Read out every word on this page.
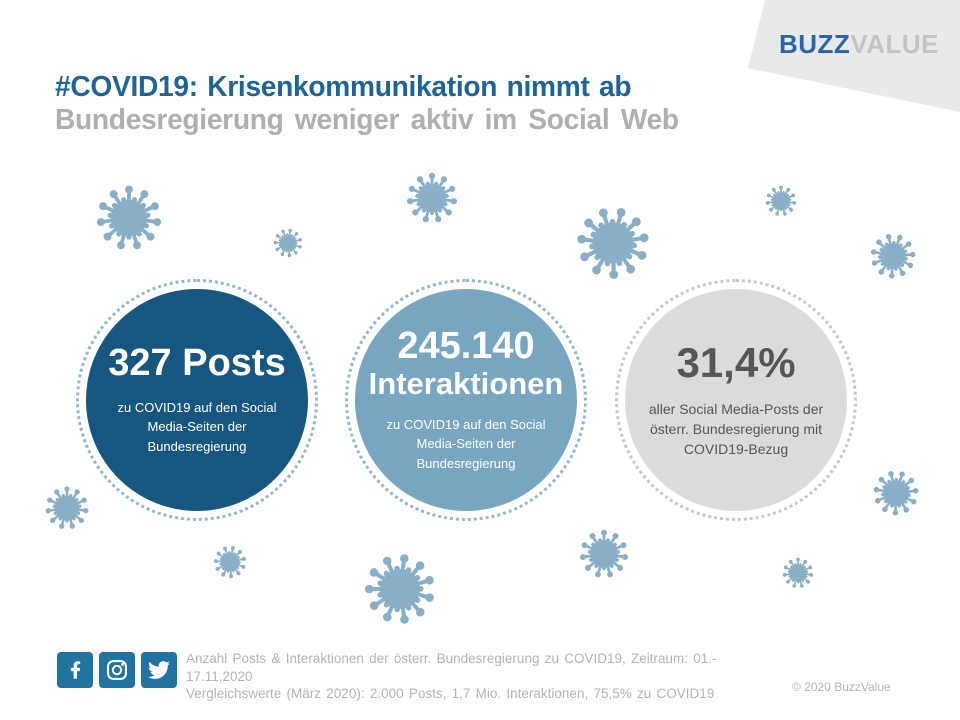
BUZZVALUE
#COVID19: Krisenkommunikation nimmt ab
Bundesregierung weniger aktiv im Social Web
327 Posts
zu COVID19 auf den Social Media-Seiten der Bundesregierung
245.140
Interaktionen
zu COVID19 auf den Social Media-Seiten der Bundesregierung
31,4%
aller Social Media-Posts der österr. Bundesregierung mit COVID19-Bezug
Anzahl Posts & Interaktionen der österr. Bundesregierung zu COVID19, Zeitraum: 01.- 17.11.2020
Vergleichswerte (März 2020): 2.000 Posts, 1,7 Mio. Interaktionen, 75,5% zu COVID19	© 2020 BuzzValue
